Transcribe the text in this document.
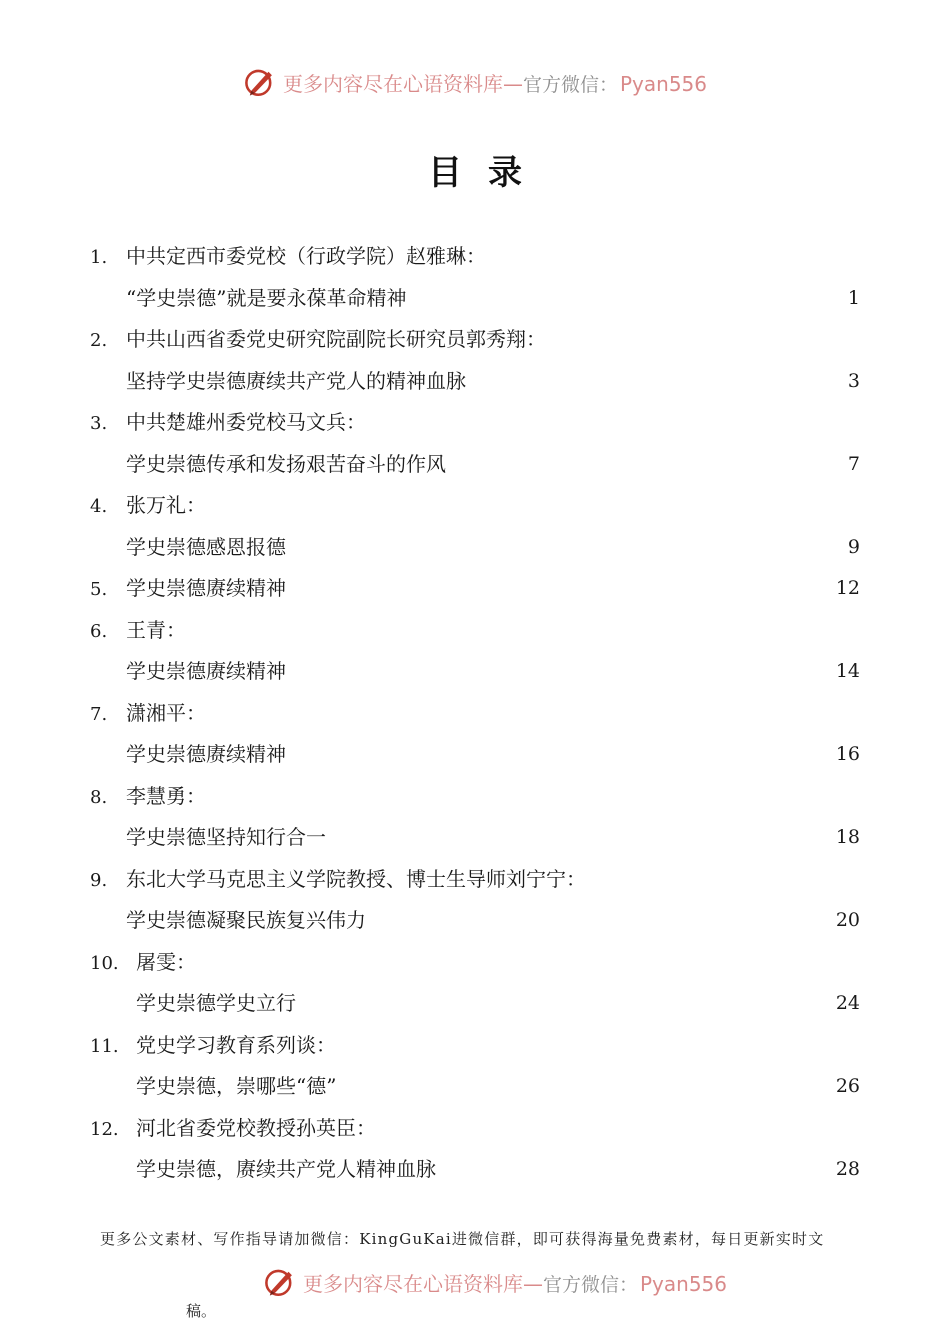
更多内容尽在心语资料库—官方微信： Pyan556
目录
1. 中共定西市委党校（行政学院）赵雅琳：
“学史崇德”就是要永葆革命精神	1
2. 中共山西省委党史研究院副院长研究员郭秀翔：
坚持学史崇德赓续共产党人的精神血脉	3
3. 中共楚雄州委党校马文兵：
学史崇德传承和发扬艰苦奋斗的作风	7
4. 张万礼：
学史崇德感恩报德	9
5. 学史崇德赓续精神	12
6. 王青：
学史崇德赓续精神	14
7. 潇湘平：
学史崇德赓续精神	16
8. 李慧勇：
学史崇德坚持知行合一	18
9. 东北大学马克思主义学院教授、博士生导师刘宁宁：
学史崇德凝聚民族复兴伟力	20
10. 屠雯：
学史崇德学史立行	24
11. 党史学习教育系列谈：
学史崇德，崇哪些“德”	26
12. 河北省委党校教授孙英臣：
学史崇德，赓续共产党人精神血脉	28
更多公文素材、写作指导请加微信：KingGuKai进微信群，即可获得海量免费素材，每日更新实时文
更多内容尽在心语资料库—官方微信： Pyan556
稿。
